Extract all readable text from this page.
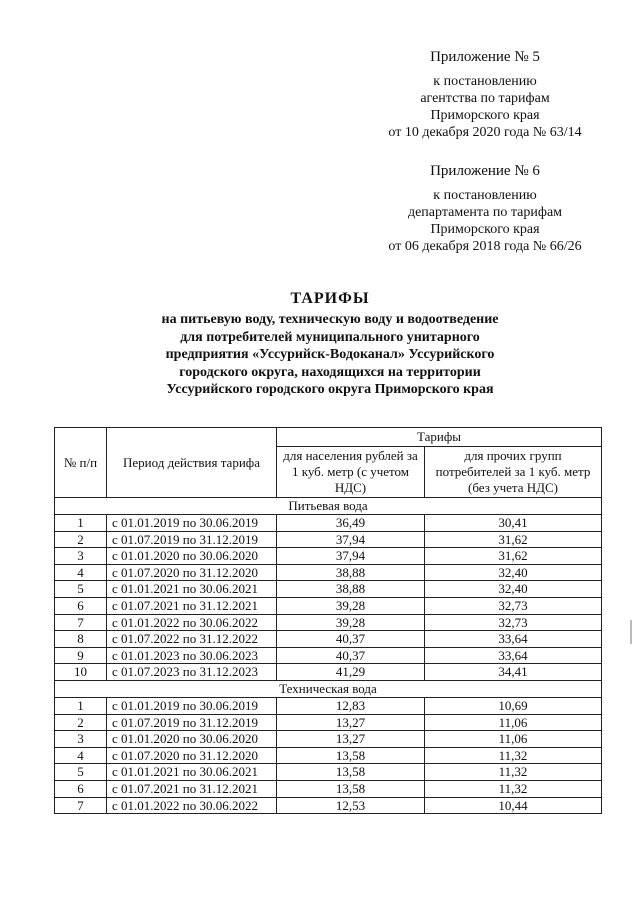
Приложение № 5
к постановлению
агентства по тарифам
Приморского края
от 10 декабря 2020 года № 63/14
Приложение № 6
к постановлению
департамента по тарифам
Приморского края
от 06 декабря 2018 года № 66/26
ТАРИФЫ
на питьевую воду, техническую воду и водоотведение
для потребителей муниципального унитарного
предприятия «Уссурийск-Водоканал» Уссурийского
городского округа, находящихся на территории
Уссурийского городского округа Приморского края
№ п/п	Период действия тарифа	Тарифы	
		для населения рублей за 1 куб. метр (с учетом НДС)	для прочих групп потребителей за 1 куб. метр (без учета НДС)
Питьевая вода			
1	с 01.01.2019 по 30.06.2019	36,49	30,41
2	с 01.07.2019 по 31.12.2019	37,94	31,62
3	с 01.01.2020 по 30.06.2020	37,94	31,62
4	с 01.07.2020 по 31.12.2020	38,88	32,40
5	с 01.01.2021 по 30.06.2021	38,88	32,40
6	с 01.07.2021 по 31.12.2021	39,28	32,73
7	с 01.01.2022 по 30.06.2022	39,28	32,73
8	с 01.07.2022 по 31.12.2022	40,37	33,64
9	с 01.01.2023 по 30.06.2023	40,37	33,64
10	с 01.07.2023 по 31.12.2023	41,29	34,41
Техническая вода			
1	с 01.01.2019 по 30.06.2019	12,83	10,69
2	с 01.07.2019 по 31.12.2019	13,27	11,06
3	с 01.01.2020 по 30.06.2020	13,27	11,06
4	с 01.07.2020 по 31.12.2020	13,58	11,32
5	с 01.01.2021 по 30.06.2021	13,58	11,32
6	с 01.07.2021 по 31.12.2021	13,58	11,32
7	с 01.01.2022 по 30.06.2022	12,53	10,44
